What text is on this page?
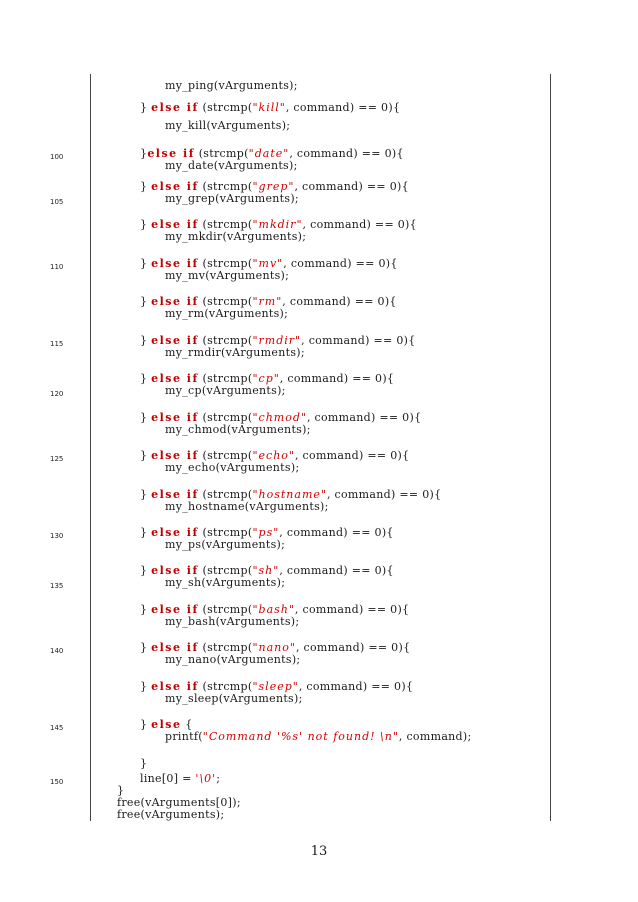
my_ping(vArguments);
} else if (strcmp("kill", command) == 0){
my_kill(vArguments);
100	}else if (strcmp("date", command) == 0){
my_date(vArguments);
} else if (strcmp("grep", command) == 0){
105	my_grep(vArguments);
} else if (strcmp("mkdir", command) == 0){
my_mkdir(vArguments);
110	} else if (strcmp("mv", command) == 0){
my_mv(vArguments);
} else if (strcmp("rm", command) == 0){
my_rm(vArguments);
115	} else if (strcmp("rmdir", command) == 0){
my_rmdir(vArguments);
} else if (strcmp("cp", command) == 0){
120	my_cp(vArguments);
} else if (strcmp("chmod", command) == 0){
my_chmod(vArguments);
125	} else if (strcmp("echo", command) == 0){
my_echo(vArguments);
} else if (strcmp("hostname", command) == 0){
my_hostname(vArguments);
130	} else if (strcmp("ps", command) == 0){
my_ps(vArguments);
} else if (strcmp("sh", command) == 0){
135	my_sh(vArguments);
} else if (strcmp("bash", command) == 0){
my_bash(vArguments);
140	} else if (strcmp("nano", command) == 0){
my_nano(vArguments);
} else if (strcmp("sleep", command) == 0){
my_sleep(vArguments);
145	} else {
printf("Command '%s' not found! \n", command);
}
150	line[0] = '\0';
}
free(vArguments[0]);
free(vArguments);
13
